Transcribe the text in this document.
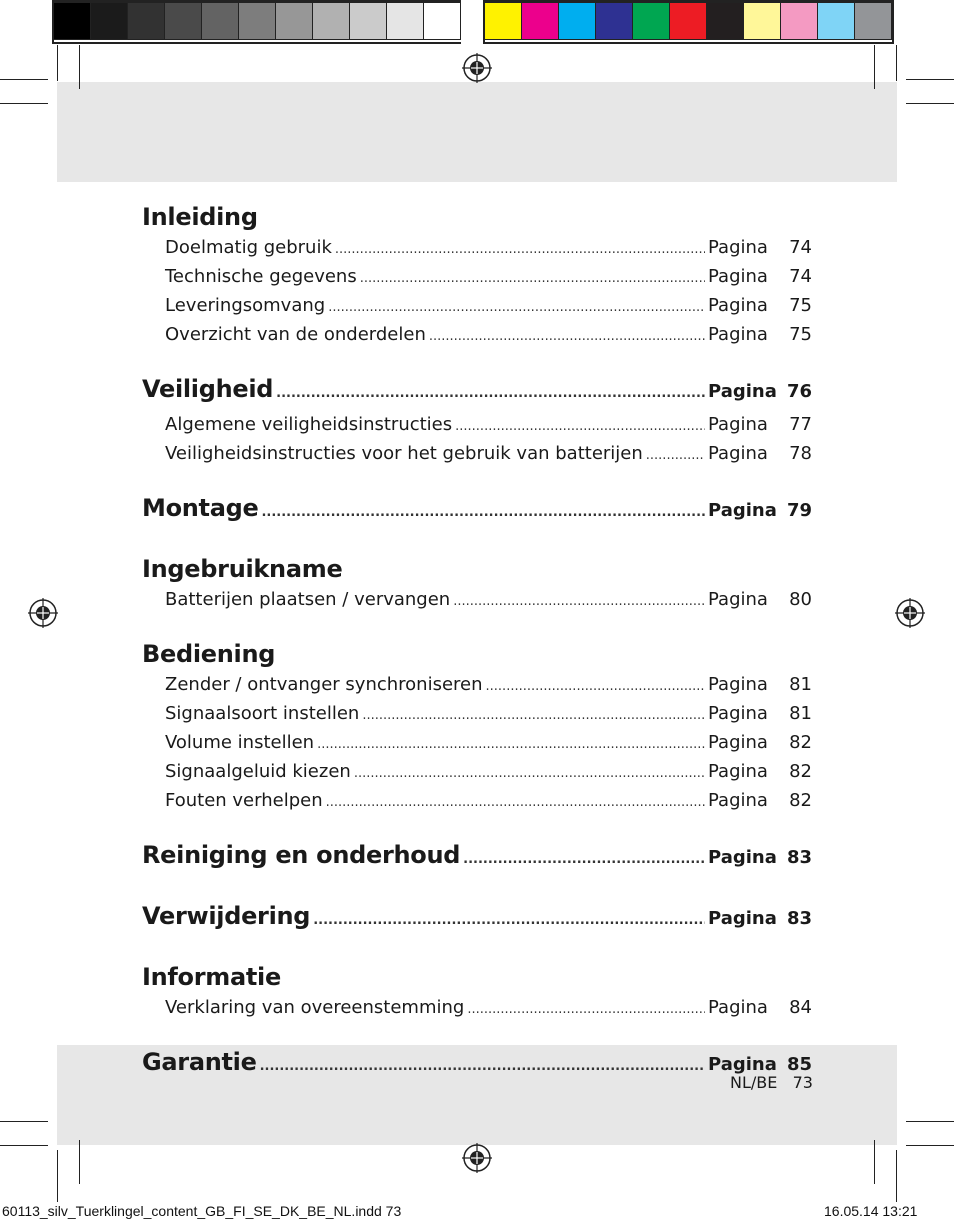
Inleiding
Doelmatig gebruik .....	Pagina	74
Technische gegevens .....	Pagina	74
Leveringsomvang .....	Pagina	75
Overzicht van de onderdelen .....	Pagina	75
Veiligheid .....	Pagina 76
Algemene veiligheidsinstructies .....	Pagina	77
Veiligheidsinstructies voor het gebruik van batterijen .....	Pagina	78
Montage .....	Pagina 79
Ingebruikname
Batterijen plaatsen / vervangen .....	Pagina	80
Bediening
Zender / ontvanger synchroniseren .....	Pagina	81
Signaalsoort instellen .....	Pagina	81
Volume instellen .....	Pagina	82
Signaalgeluid kiezen .....	Pagina	82
Fouten verhelpen .....	Pagina	82
Reiniging en onderhoud .....	Pagina 83
Verwijdering .....	Pagina 83
Informatie
Verklaring van overeenstemming .....	Pagina	84
Garantie .....	Pagina 85
NL/BE 73
60113_silv_Tuerklingel_content_GB_FI_SE_DK_BE_NL.indd 73	16.05.14 13:21
